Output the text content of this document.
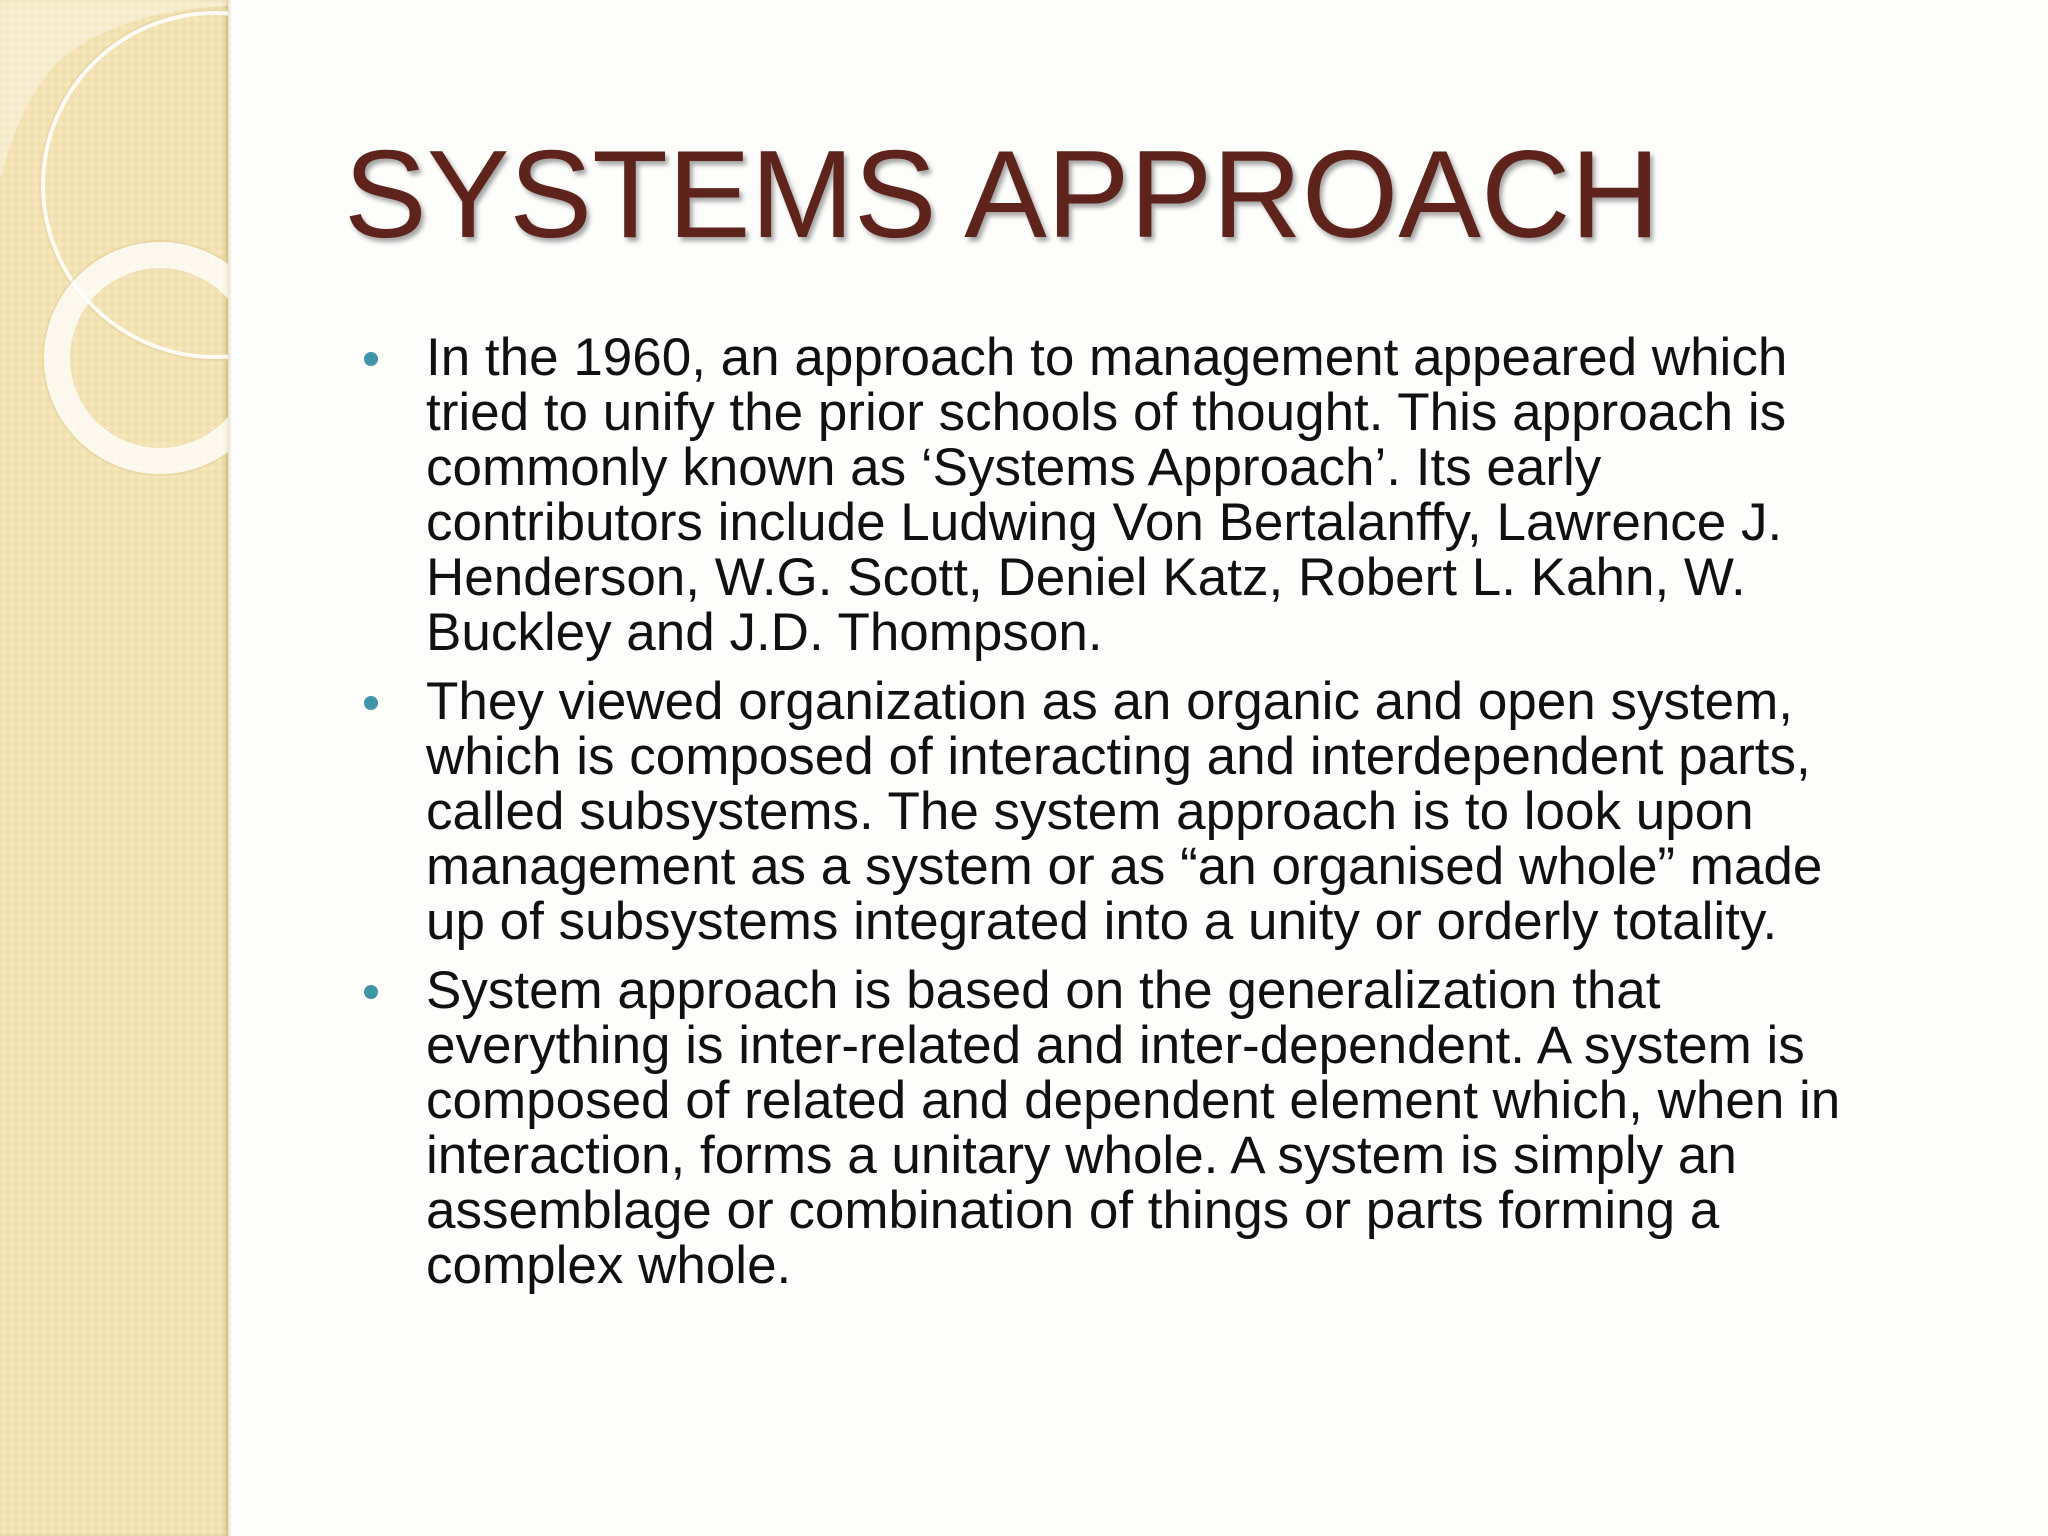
SYSTEMS APPROACH
In the 1960, an approach to management appeared which
tried to unify the prior schools of thought. This approach is
commonly known as ‘Systems Approach’. Its early
contributors include Ludwing Von Bertalanffy, Lawrence J.
Henderson, W.G. Scott, Deniel Katz, Robert L. Kahn, W.
Buckley and J.D. Thompson.
They viewed organization as an organic and open system,
which is composed of interacting and interdependent parts,
called subsystems. The system approach is to look upon
management as a system or as “an organised whole” made
up of subsystems integrated into a unity or orderly totality.
System approach is based on the generalization that
everything is inter-related and inter-dependent. A system is
composed of related and dependent element which, when in
interaction, forms a unitary whole. A system is simply an
assemblage or combination of things or parts forming a
complex whole.
